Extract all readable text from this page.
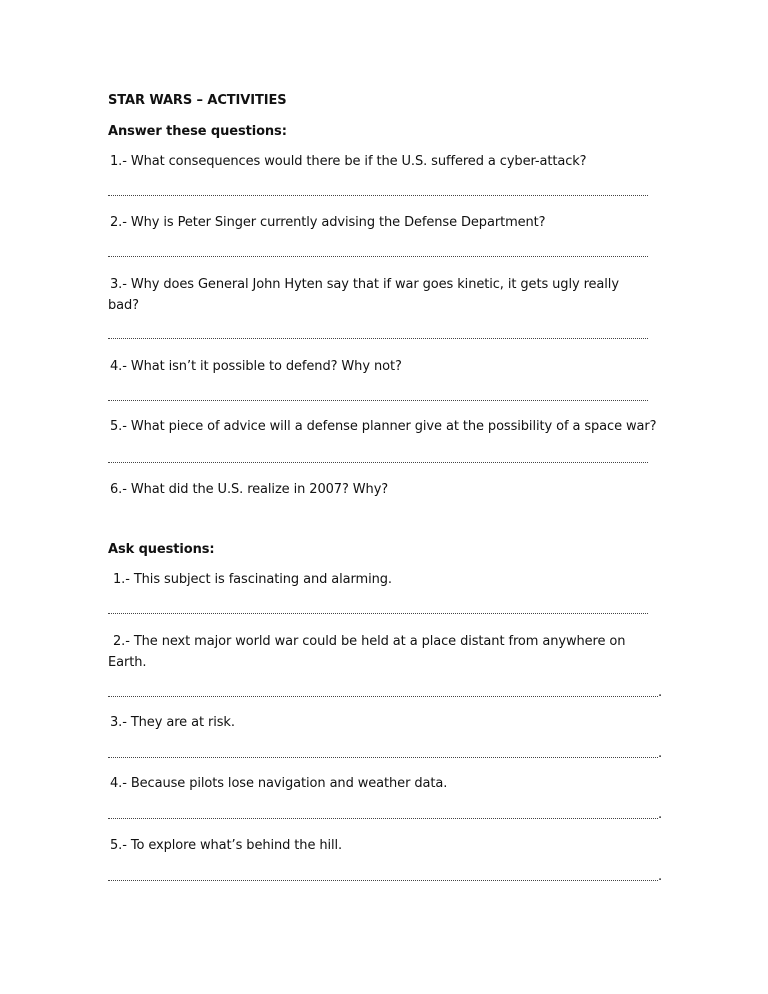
STAR WARS – ACTIVITIES
Answer these questions:
1.- What consequences would there be if the U.S. suffered a cyber-attack?
2.- Why is Peter Singer currently advising the Defense Department?
3.- Why does General John Hyten say that if war goes kinetic, it gets ugly really
bad?
4.- What isn’t it possible to defend? Why not?
5.- What piece of advice will a defense planner give at the possibility of a space war?
6.- What did the U.S. realize in 2007? Why?
Ask questions:
1.- This subject is fascinating and alarming.
2.- The next major world war could be held at a place distant from anywhere on
Earth.
.
3.- They are at risk.
.
4.- Because pilots lose navigation and weather data.
.
5.- To explore what’s behind the hill.
.
